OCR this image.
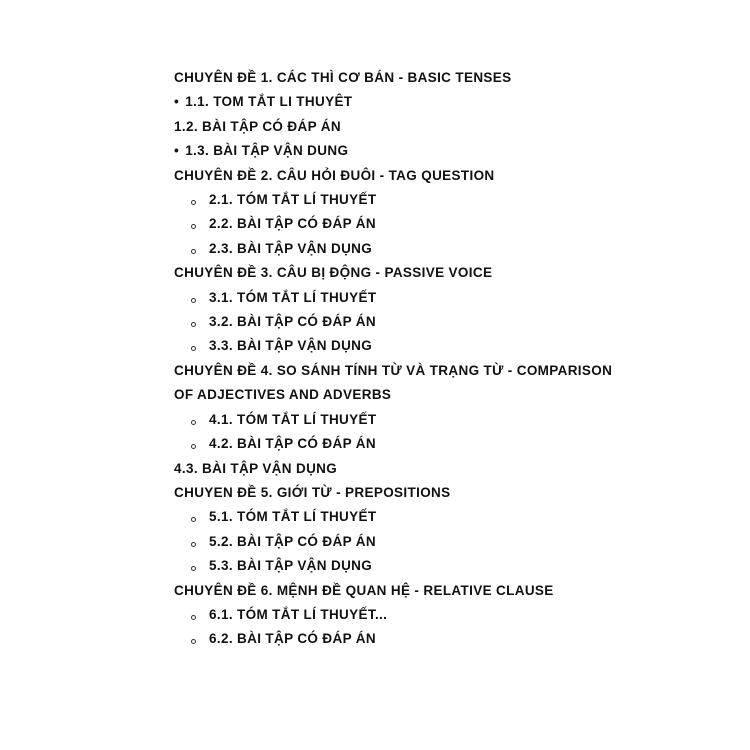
CHUYÊN ĐỀ 1. CÁC THÌ CƠ BÁN - BASIC TENSES
• 1.1. TOM TẮT LI THUYÊT
1.2. BÀI TẬP CÓ ĐÁP ÁN
• 1.3. BÀI TẬP VẬN DUNG
CHUYÊN ĐỀ 2. CÂU HỎI ĐUÔI - TAG QUESTION
2.1. TÓM TẮT LÍ THUYẾT
2.2. BÀI TẬP CÓ ĐÁP ÁN
2.3. BÀI TẬP VẬN DỤNG
CHUYÊN ĐỀ 3. CÂU BỊ ĐỘNG - PASSIVE VOICE
3.1. TÓM TẮT LÍ THUYẾT
3.2. BÀI TẬP CÓ ĐÁP ÁN
3.3. BÀI TẬP VẬN DỤNG
CHUYÊN ĐỀ 4. SO SÁNH TÍNH TỪ VÀ TRẠNG TỪ - COMPARISON OF ADJECTIVES AND ADVERBS
4.1. TÓM TẮT LÍ THUYẾT
4.2. BÀI TẬP CÓ ĐÁP ÁN
4.3. BÀI TẬP VẬN DỤNG
CHUYEN ĐỀ 5. GIỚI TỪ - PREPOSITIONS
5.1. TÓM TẮT LÍ THUYẾT
5.2. BÀI TẬP CÓ ĐÁP ÁN
5.3. BÀI TẬP VẬN DỤNG
CHUYÊN ĐỀ 6. MỆNH ĐỀ QUAN HỆ - RELATIVE CLAUSE
6.1. TÓM TẮT LÍ THUYẾT...
6.2. BÀI TẬP CÓ ĐÁP ÁN
